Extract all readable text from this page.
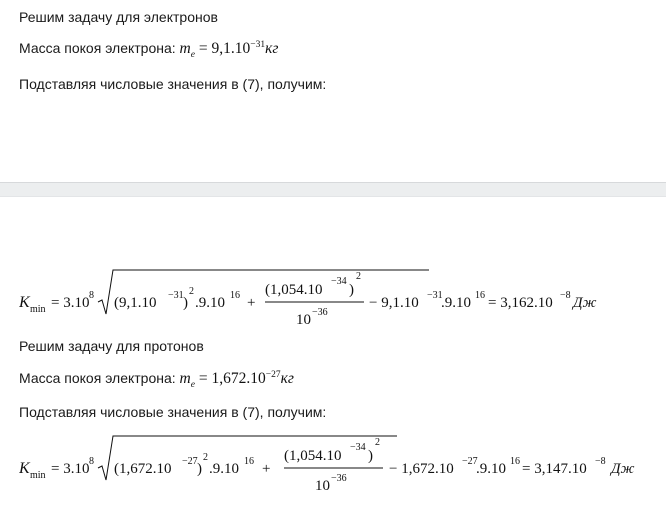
Решим задачу для электронов
Масса покоя электрона: $m_e = 9,1.10^{-31}кг$
Подставляя числовые значения в (7), получим:
K min = 3.10 8 (9,1.10 −31 )
2
.9.10 16 +
(1,054.10
−34
)
2
10 −36
− 9,1.10 −31
.9.10 16 = 3,162.10 −8 Дж
Решим задачу для протонов
Масса покоя электрона: $m_e = 1,672.10^{-27}кг$
Подставляя числовые значения в (7), получим:
K min = 3.10 8 (1,672.10 −27 )
2
.9.10 16 +
(1,054.10
−34
)
2
10 −36
− 1,672.10 −27
.9.10 16 = 3,147.10 −8 Дж
